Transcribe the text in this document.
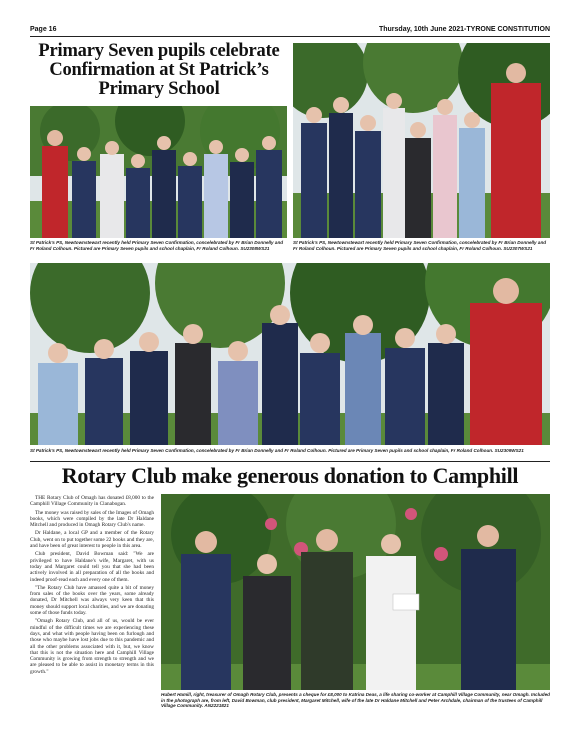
Page 16	Thursday, 10th June 2021-TYRONE CONSTITUTION
Primary Seven pupils celebrate Confirmation at St Patrick’s Primary School
St Patrick's PS, Newtownstewart recently held Primary Seven Confirmation, concelebrated by Fr Brian Donnelly and Fr Roland Colhoun. Pictured are Primary Seven pupils and school chaplain, Fr Roland Colhoun. SU2308WS21
St Patrick's PS, Newtownstewart recently held Primary Seven Confirmation, concelebrated by Fr Brian Donnelly and Fr Roland Colhoun. Pictured are Primary Seven pupils and school chaplain, Fr Roland Colhoun. SU2307WS21
St Patrick's PS, Newtownstewart recently held Primary Seven Confirmation, concelebrated by Fr Brian Donnelly and Fr Roland Colhoun. Pictured are Primary Seven pupils and school chaplain, Fr Roland Colhoun. SU2309WS21
Rotary Club make generous donation to Camphill

THE Rotary Club of Omagh has donated £8,000 to the Camphill Village Community in Clanabogan.

The money was raised by sales of the Images of Omagh books, which were compiled by the late Dr Haldane Mitchell and produced in Omagh Rotary Club's name.

Dr Haldane, a local GP and a member of the Rotary Club, went on to put together some 22 books and they are, and have been of great interest to people in this area.

Club president, David Bowman said: "We are privileged to have Haldane's wife, Margaret, with us today and Margaret could tell you that she had been actively involved in all preparation of all the books and indeed proof-read each and every one of them.

"The Rotary Club have amassed quite a bit of money from sales of the books over the years, some already donated, Dr Mitchell was always very keen that this money should support local charities, and we are donating some of those funds today.

"Omagh Rotary Club, and all of us, would be ever mindful of the difficult times we are experiencing these days, and what with people having been on furlough and those who maybe have lost jobs due to this pandemic and all the other problems associated with it, but, we know that this is not the situation here and Camphill Village Community is growing from strength to strength and we are pleased to be able to assist in monetary terms in this growth."

Hubert Hamill, right, treasurer of Omagh Rotary Club, presents a cheque for £8,000 to Katrina Deas, a life sharing co-worker at Camphill Village Community, near Omagh. Included in the photograph are, from left, David Bowman, club president, Margaret Mitchell, wife of the late Dr Haldane Mitchell and Peter Archdale, chairman of the trustees of Camphill Village Community. AN2221821
